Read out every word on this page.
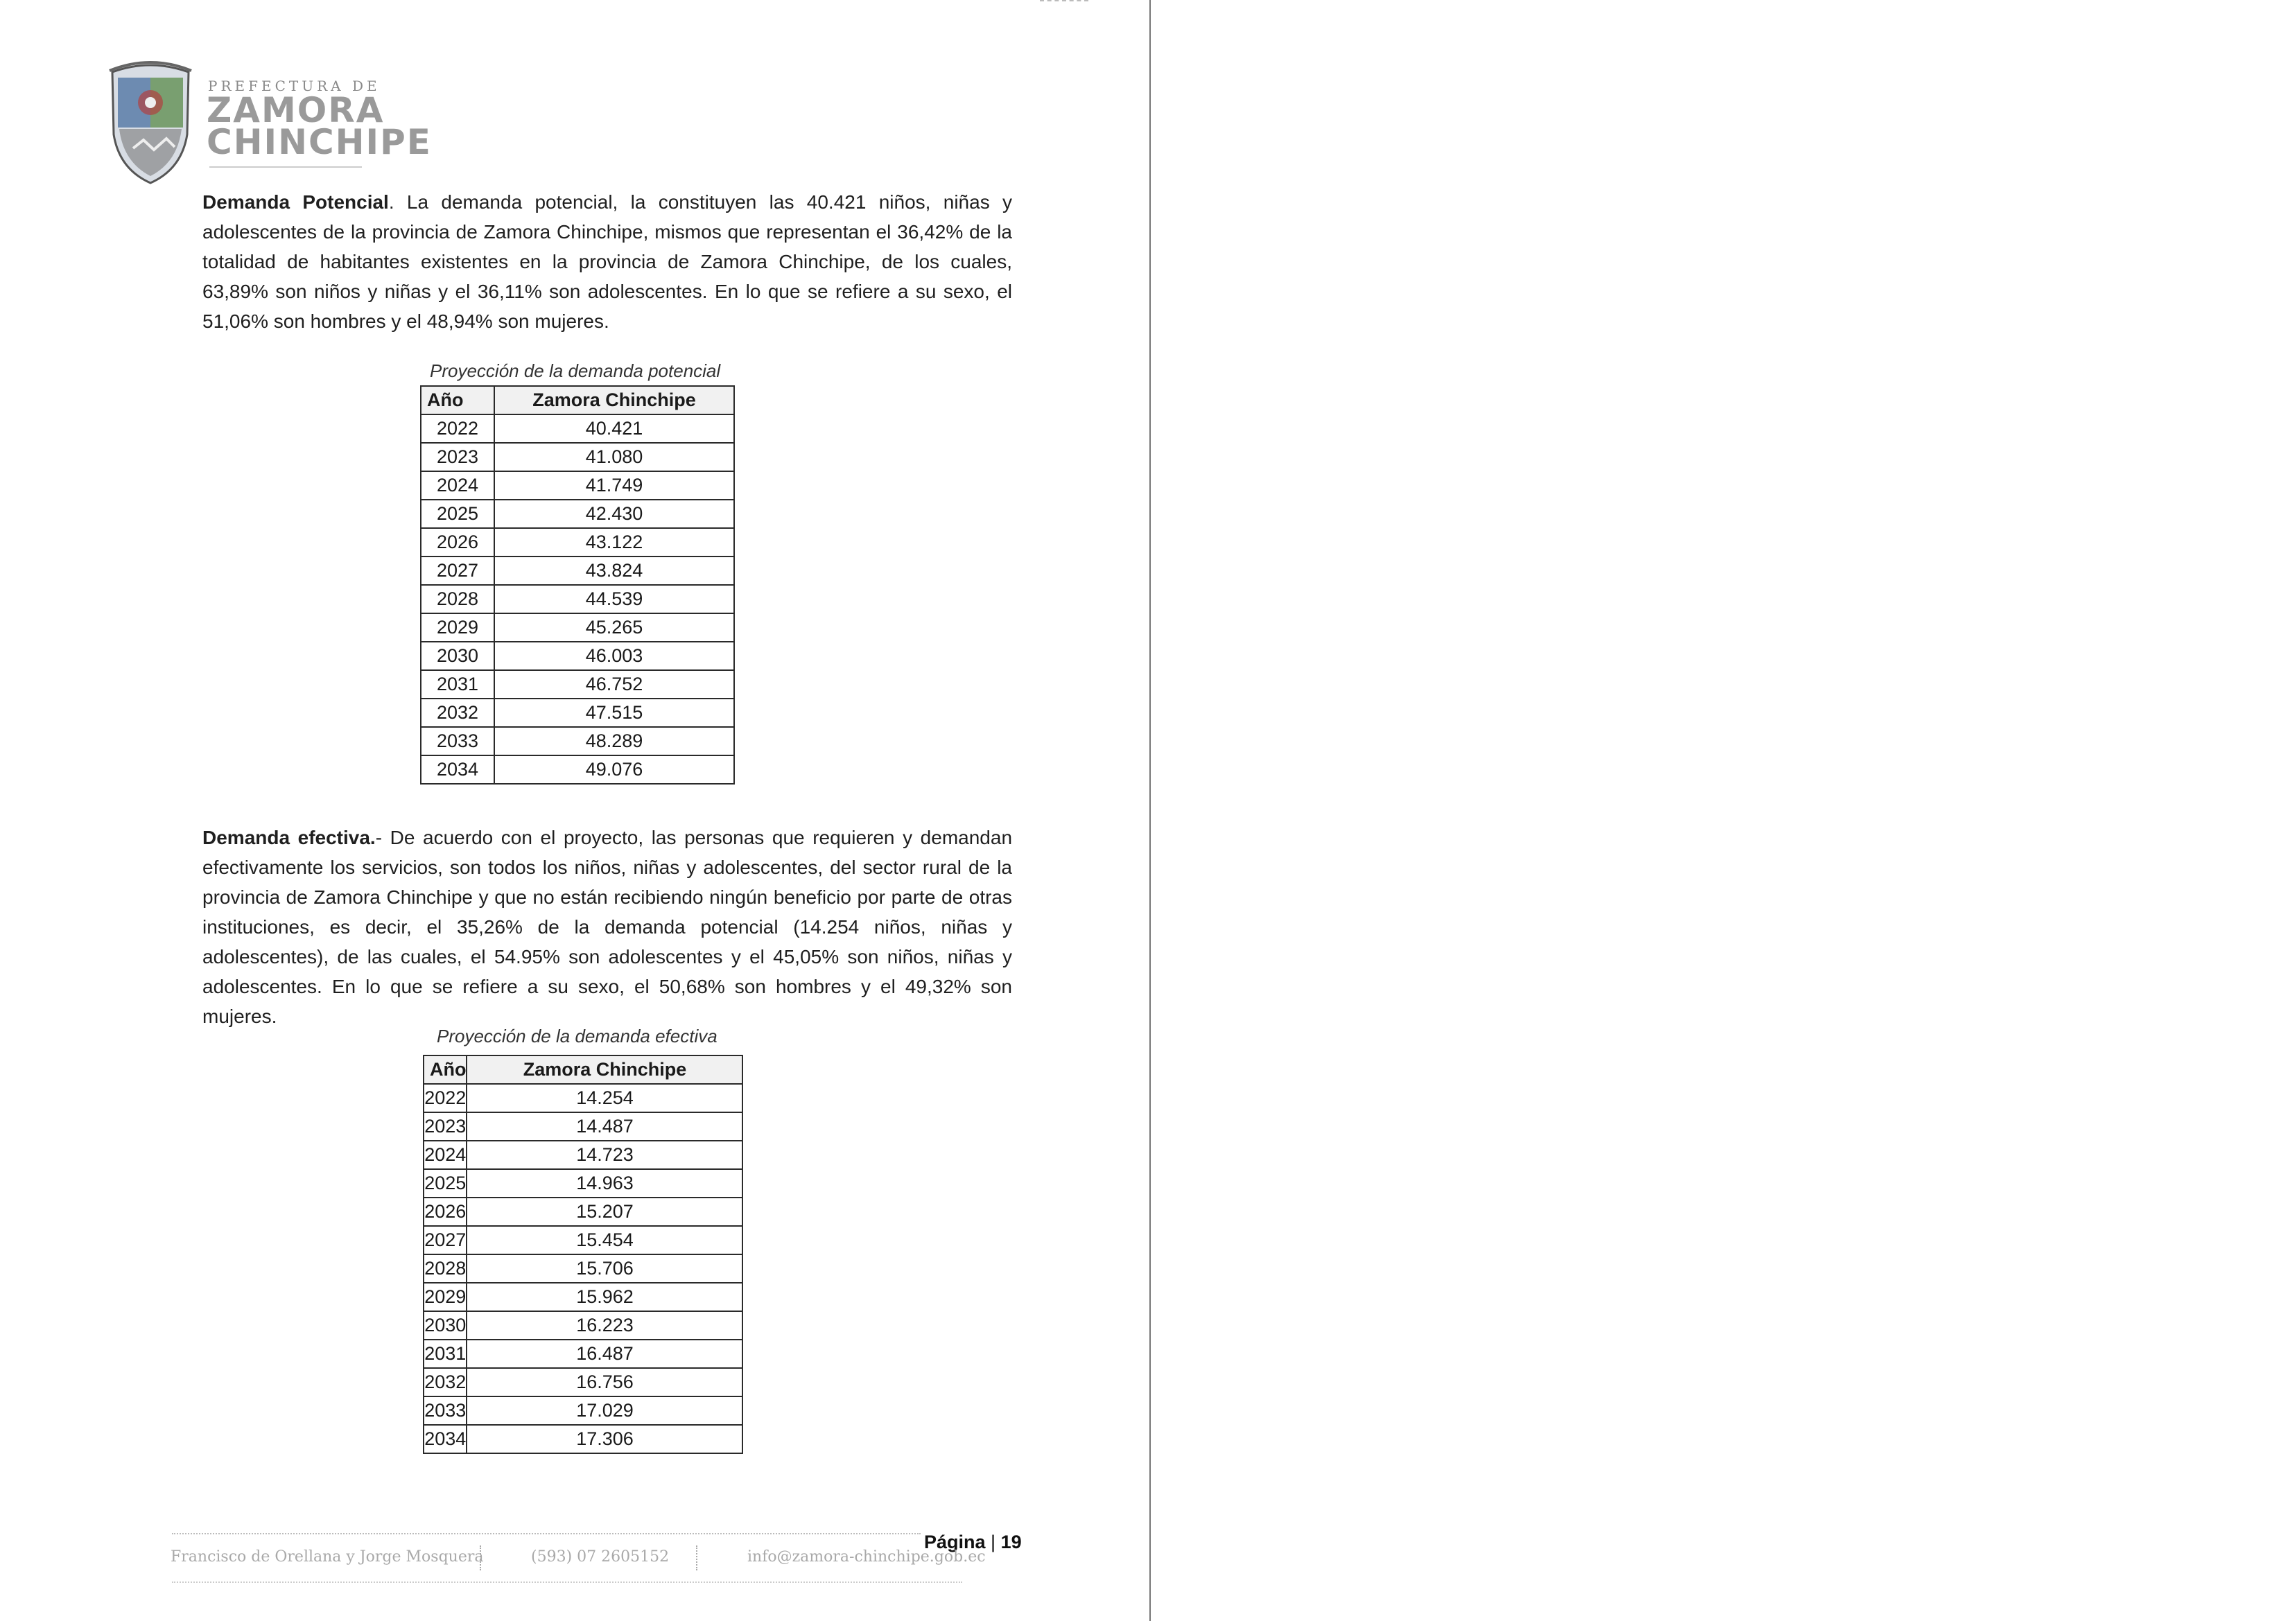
PREFECTURA DE
ZAMORA
CHINCHIPE
Demanda Potencial. La demanda potencial, la constituyen las 40.421 niños, niñas y adolescentes de la provincia de Zamora Chinchipe, mismos que representan el 36,42% de la totalidad de habitantes existentes en la provincia de Zamora Chinchipe, de los cuales, 63,89% son niños y niñas y el 36,11% son adolescentes. En lo que se refiere a su sexo, el 51,06% son hombres y el 48,94% son mujeres.
Proyección de la demanda potencial
Año	Zamora Chinchipe
2022	40.421
2023	41.080
2024	41.749
2025	42.430
2026	43.122
2027	43.824
2028	44.539
2029	45.265
2030	46.003
2031	46.752
2032	47.515
2033	48.289
2034	49.076
Demanda efectiva.- De acuerdo con el proyecto, las personas que requieren y demandan efectivamente los servicios, son todos los niños, niñas y adolescentes, del sector rural de la provincia de Zamora Chinchipe y que no están recibiendo ningún beneficio por parte de otras instituciones, es decir, el 35,26% de la demanda potencial (14.254 niños, niñas y adolescentes), de las cuales, el 54.95% son adolescentes y el 45,05% son niños, niñas y adolescentes. En lo que se refiere a su sexo, el 50,68% son hombres y el 49,32% son mujeres.
Proyección de la demanda efectiva
Año	Zamora Chinchipe
2022	14.254
2023	14.487
2024	14.723
2025	14.963
2026	15.207
2027	15.454
2028	15.706
2029	15.962
2030	16.223
2031	16.487
2032	16.756
2033	17.029
2034	17.306
Página | 19
Francisco de Orellana y Jorge Mosquera	(593) 07 2605152	info@zamora-chinchipe.gob.ec
